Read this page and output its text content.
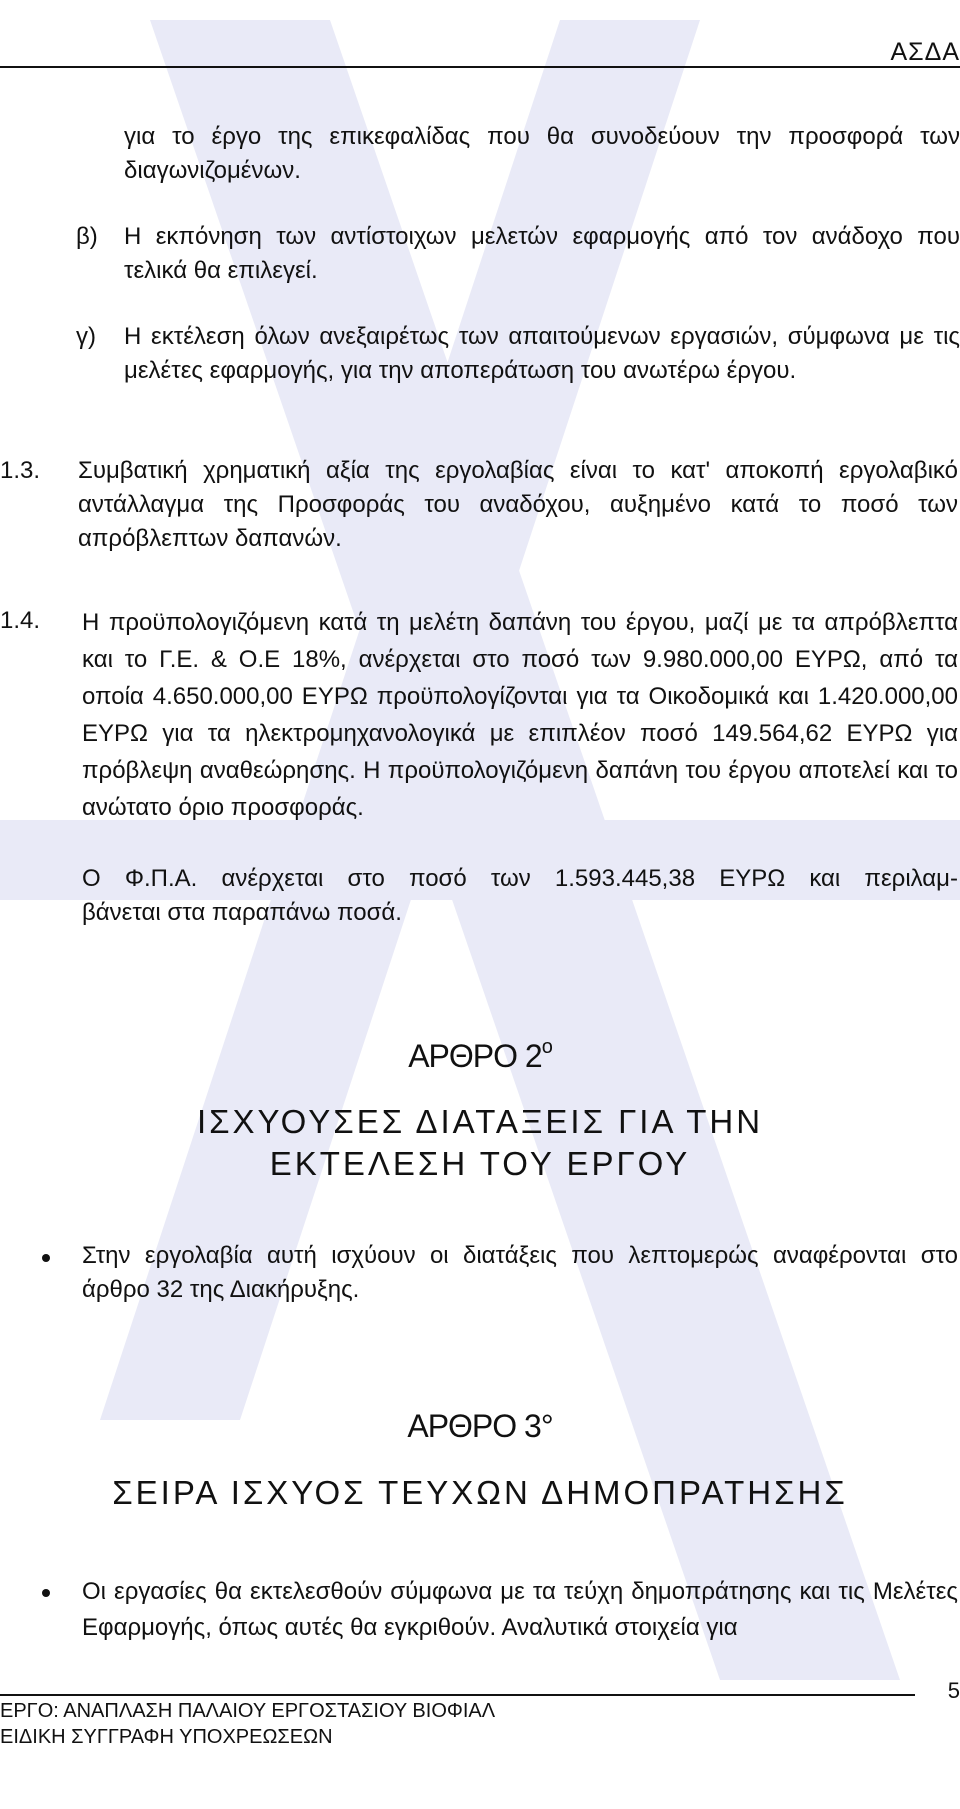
ΑΣΔΑ

για το έργο της επικεφαλίδας που θα συνοδεύουν την προσφορά των διαγωνιζομένων.

β) Η εκπόνηση των αντίστοιχων μελετών εφαρμογής από τον ανάδοχο που τελικά θα επιλεγεί.

γ) Η εκτέλεση όλων ανεξαιρέτως των απαιτούμενων εργασιών, σύμφωνα με τις μελέτες εφαρμογής, για την αποπεράτωση του ανωτέρω έργου.

1.3. Συμβατική χρηματική αξία της εργολαβίας είναι το κατ' αποκοπή εργολαβικό αντάλλαγμα της Προσφοράς του αναδόχου, αυξημένο κατά το ποσό των απρόβλεπτων δαπανών.

1.4. Η προϋπολογιζόμενη κατά τη μελέτη δαπάνη του έργου, μαζί με τα απρόβλεπτα και το Γ.Ε. & Ο.Ε 18%, ανέρχεται στο ποσό των 9.980.000,00 ΕΥΡΩ, από τα οποία 4.650.000,00 ΕΥΡΩ προϋπολογίζονται για τα Οικοδομικά και 1.420.000,00 ΕΥΡΩ για τα ηλεκτρομηχανολογικά με επιπλέον ποσό 149.564,62 ΕΥΡΩ για πρόβλεψη αναθεώρησης. Η προϋπολογιζόμενη δαπάνη του έργου αποτελεί και το ανώτατο όριο προσφοράς.

Ο Φ.Π.Α. ανέρχεται στο ποσό των 1.593.445,38 ΕΥΡΩ και περιλαμ-

βάνεται στα παραπάνω ποσά.

ΑΡΘΡΟ $2^o$
ΙΣΧΥΟΥΣΕΣ ΔΙΑΤΑΞΕΙΣ ΓΙΑ ΤΗΝ
ΕΚΤΕΛΕΣΗ ΤΟΥ ΕΡΓΟΥ

Στην εργολαβία αυτή ισχύουν οι διατάξεις που λεπτομερώς αναφέρονται στο άρθρο 32 της Διακήρυξης.

ΑΡΘΡΟ 3°
ΣΕΙΡΑ ΙΣΧΥΟΣ ΤΕΥΧΩΝ ΔΗΜΟΠΡΑΤΗΣΗΣ

Οι εργασίες θα εκτελεσθούν σύμφωνα με τα τεύχη δημοπράτησης και τις Μελέτες Εφαρμογής, όπως αυτές θα εγκριθούν. Αναλυτικά στοιχεία για

5
ΕΡΓΟ: ΑΝΑΠΛΑΣΗ ΠΑΛΑΙΟΥ ΕΡΓΟΣΤΑΣΙΟΥ ΒΙΟΦΙΑΛ
ΕΙΔΙΚΗ ΣΥΓΓΡΑΦΗ ΥΠΟΧΡΕΩΣΕΩΝ
